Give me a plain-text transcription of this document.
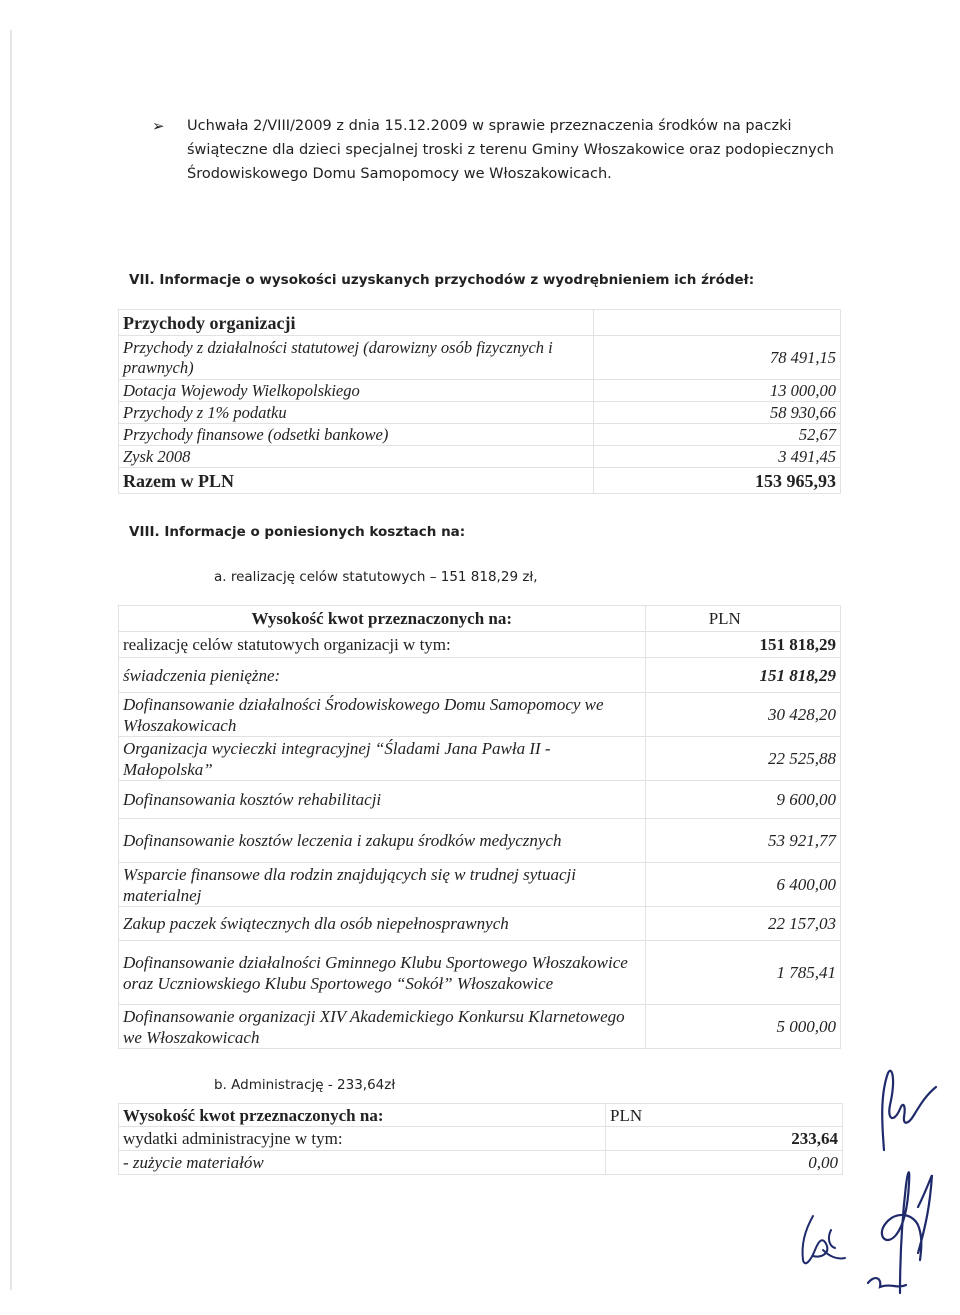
➢ Uchwała 2/VIII/2009 z dnia 15.12.2009 w sprawie przeznaczenia środków na paczki świąteczne dla dzieci specjalnej troski z terenu Gminy Włoszakowice oraz podopiecznych Środowiskowego Domu Samopomocy we Włoszakowicach.
VII. Informacje o wysokości uzyskanych przychodów z wyodrębnieniem ich źródeł:
Przychody organizacji	
Przychody z działalności statutowej (darowizny osób fizycznych i prawnych)	78 491,15
Dotacja Wojewody Wielkopolskiego	13 000,00
Przychody z 1% podatku	58 930,66
Przychody finansowe (odsetki bankowe)	52,67
Zysk 2008	3 491,45
Razem w PLN	153 965,93
VIII. Informacje o poniesionych kosztach na:
a. realizację celów statutowych – 151 818,29 zł,
Wysokość kwot przeznaczonych na:	PLN
realizację celów statutowych organizacji w tym:	151 818,29
świadczenia pieniężne:	151 818,29
Dofinansowanie działalności Środowiskowego Domu Samopomocy we Włoszakowicach	30 428,20
Organizacja wycieczki integracyjnej “Śladami Jana Pawła II - Małopolska”	22 525,88
Dofinansowania kosztów rehabilitacji	9 600,00
Dofinansowanie kosztów leczenia i zakupu środków medycznych	53 921,77
Wsparcie finansowe dla rodzin znajdujących się w trudnej sytuacji materialnej	6 400,00
Zakup paczek świątecznych dla osób niepełnosprawnych	22 157,03
Dofinansowanie działalności Gminnego Klubu Sportowego Włoszakowice oraz Uczniowskiego Klubu Sportowego “Sokół” Włoszakowice	1 785,41
Dofinansowanie organizacji XIV Akademickiego Konkursu Klarnetowego we Włoszakowicach	5 000,00
b. Administrację - 233,64zł
Wysokość kwot przeznaczonych na:	PLN
wydatki administracyjne w tym:	233,64
- zużycie materiałów	0,00
